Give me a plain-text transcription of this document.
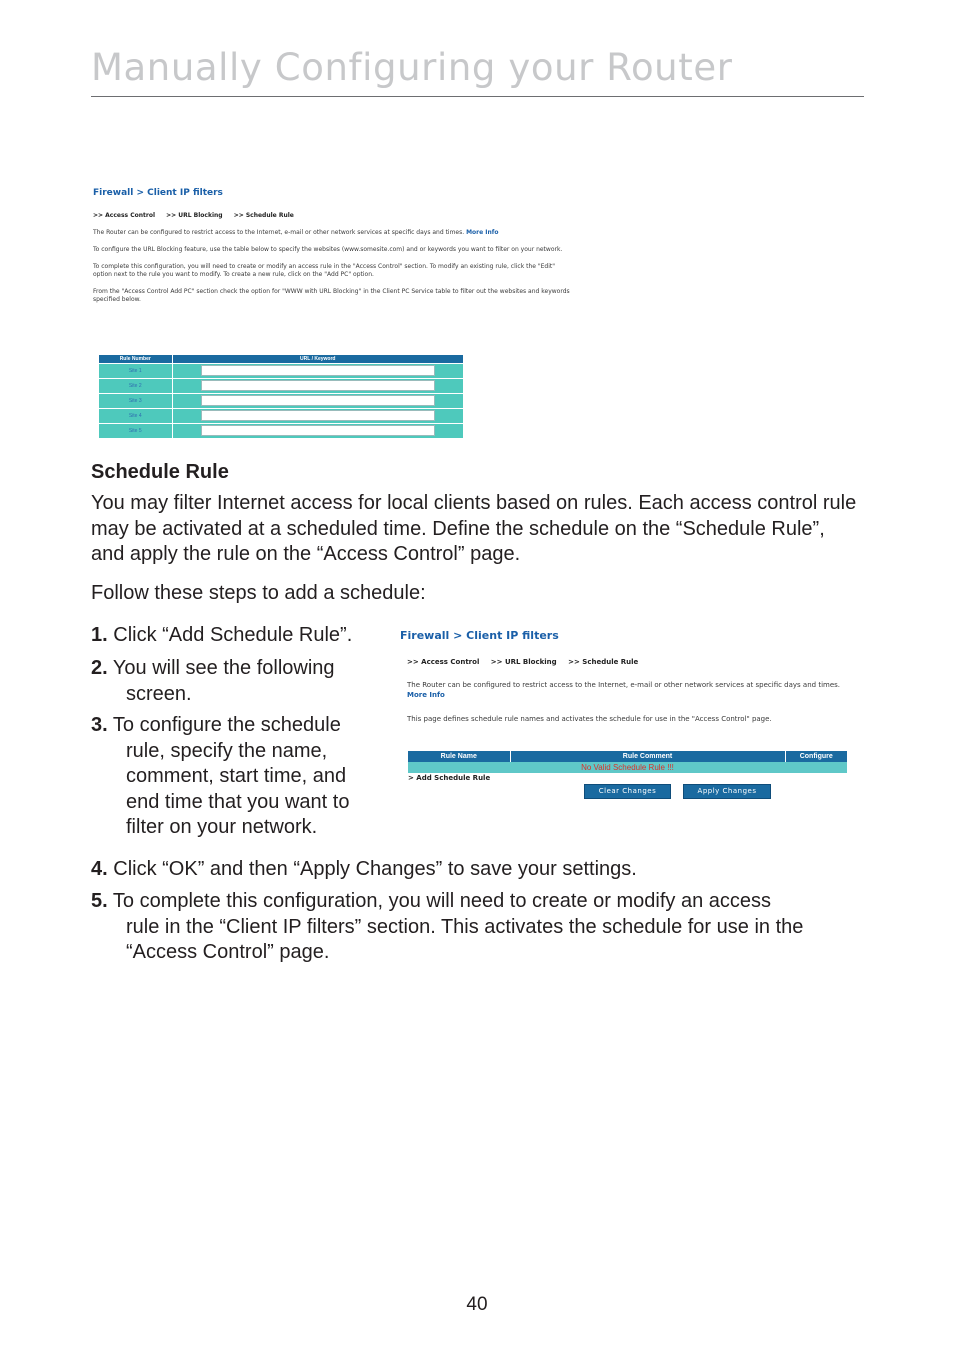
Manually Configuring your Router
Firewall > Client IP filters
>> Access Control >> URL Blocking >> Schedule Rule

The Router can be configured to restrict access to the Internet, e-mail or other network services at specific days and times. More Info

To configure the URL Blocking feature, use the table below to specify the websites (www.somesite.com) and or keywords you want to filter on your network.

To complete this configuration, you will need to create or modify an access rule in the "Access Control" section. To modify an existing rule, click the "Edit" option next to the rule you want to modify. To create a new rule, click on the "Add PC" option.

From the "Access Control Add PC" section check the option for "WWW with URL Blocking" in the Client PC Service table to filter out the websites and keywords specified below.

Rule Number	URL / Keyword
Site 1	

Site 2	

Site 3	

Site 4	

Site 5	
Schedule Rule
You may filter Internet access for local clients based on rules. Each access control rule may be activated at a scheduled time. Define the schedule on the “Schedule Rule”, and apply the rule on the “Access Control” page.
Follow these steps to add a schedule:
1. Click “Add Schedule Rule”.
2. You will see the following
screen.
3. To configure the schedule
rule, specify the name, comment, start time, and end time that you want to filter on your network.
4. Click “OK” and then “Apply Changes” to save your settings.
5. To complete this configuration, you will need to create or modify an access
rule in the “Client IP filters” section. This activates the schedule for use in the “Access Control” page.
Firewall > Client IP filters
>> Access Control >> URL Blocking >> Schedule Rule

The Router can be configured to restrict access to the Internet, e-mail or other network services at specific days and times. More Info

This page defines schedule rule names and activates the schedule for use in the "Access Control" page.

Rule Name	Rule Comment	Configure
No Valid Schedule Rule !!!
> Add Schedule Rule
Clear Changes	Apply Changes
40
